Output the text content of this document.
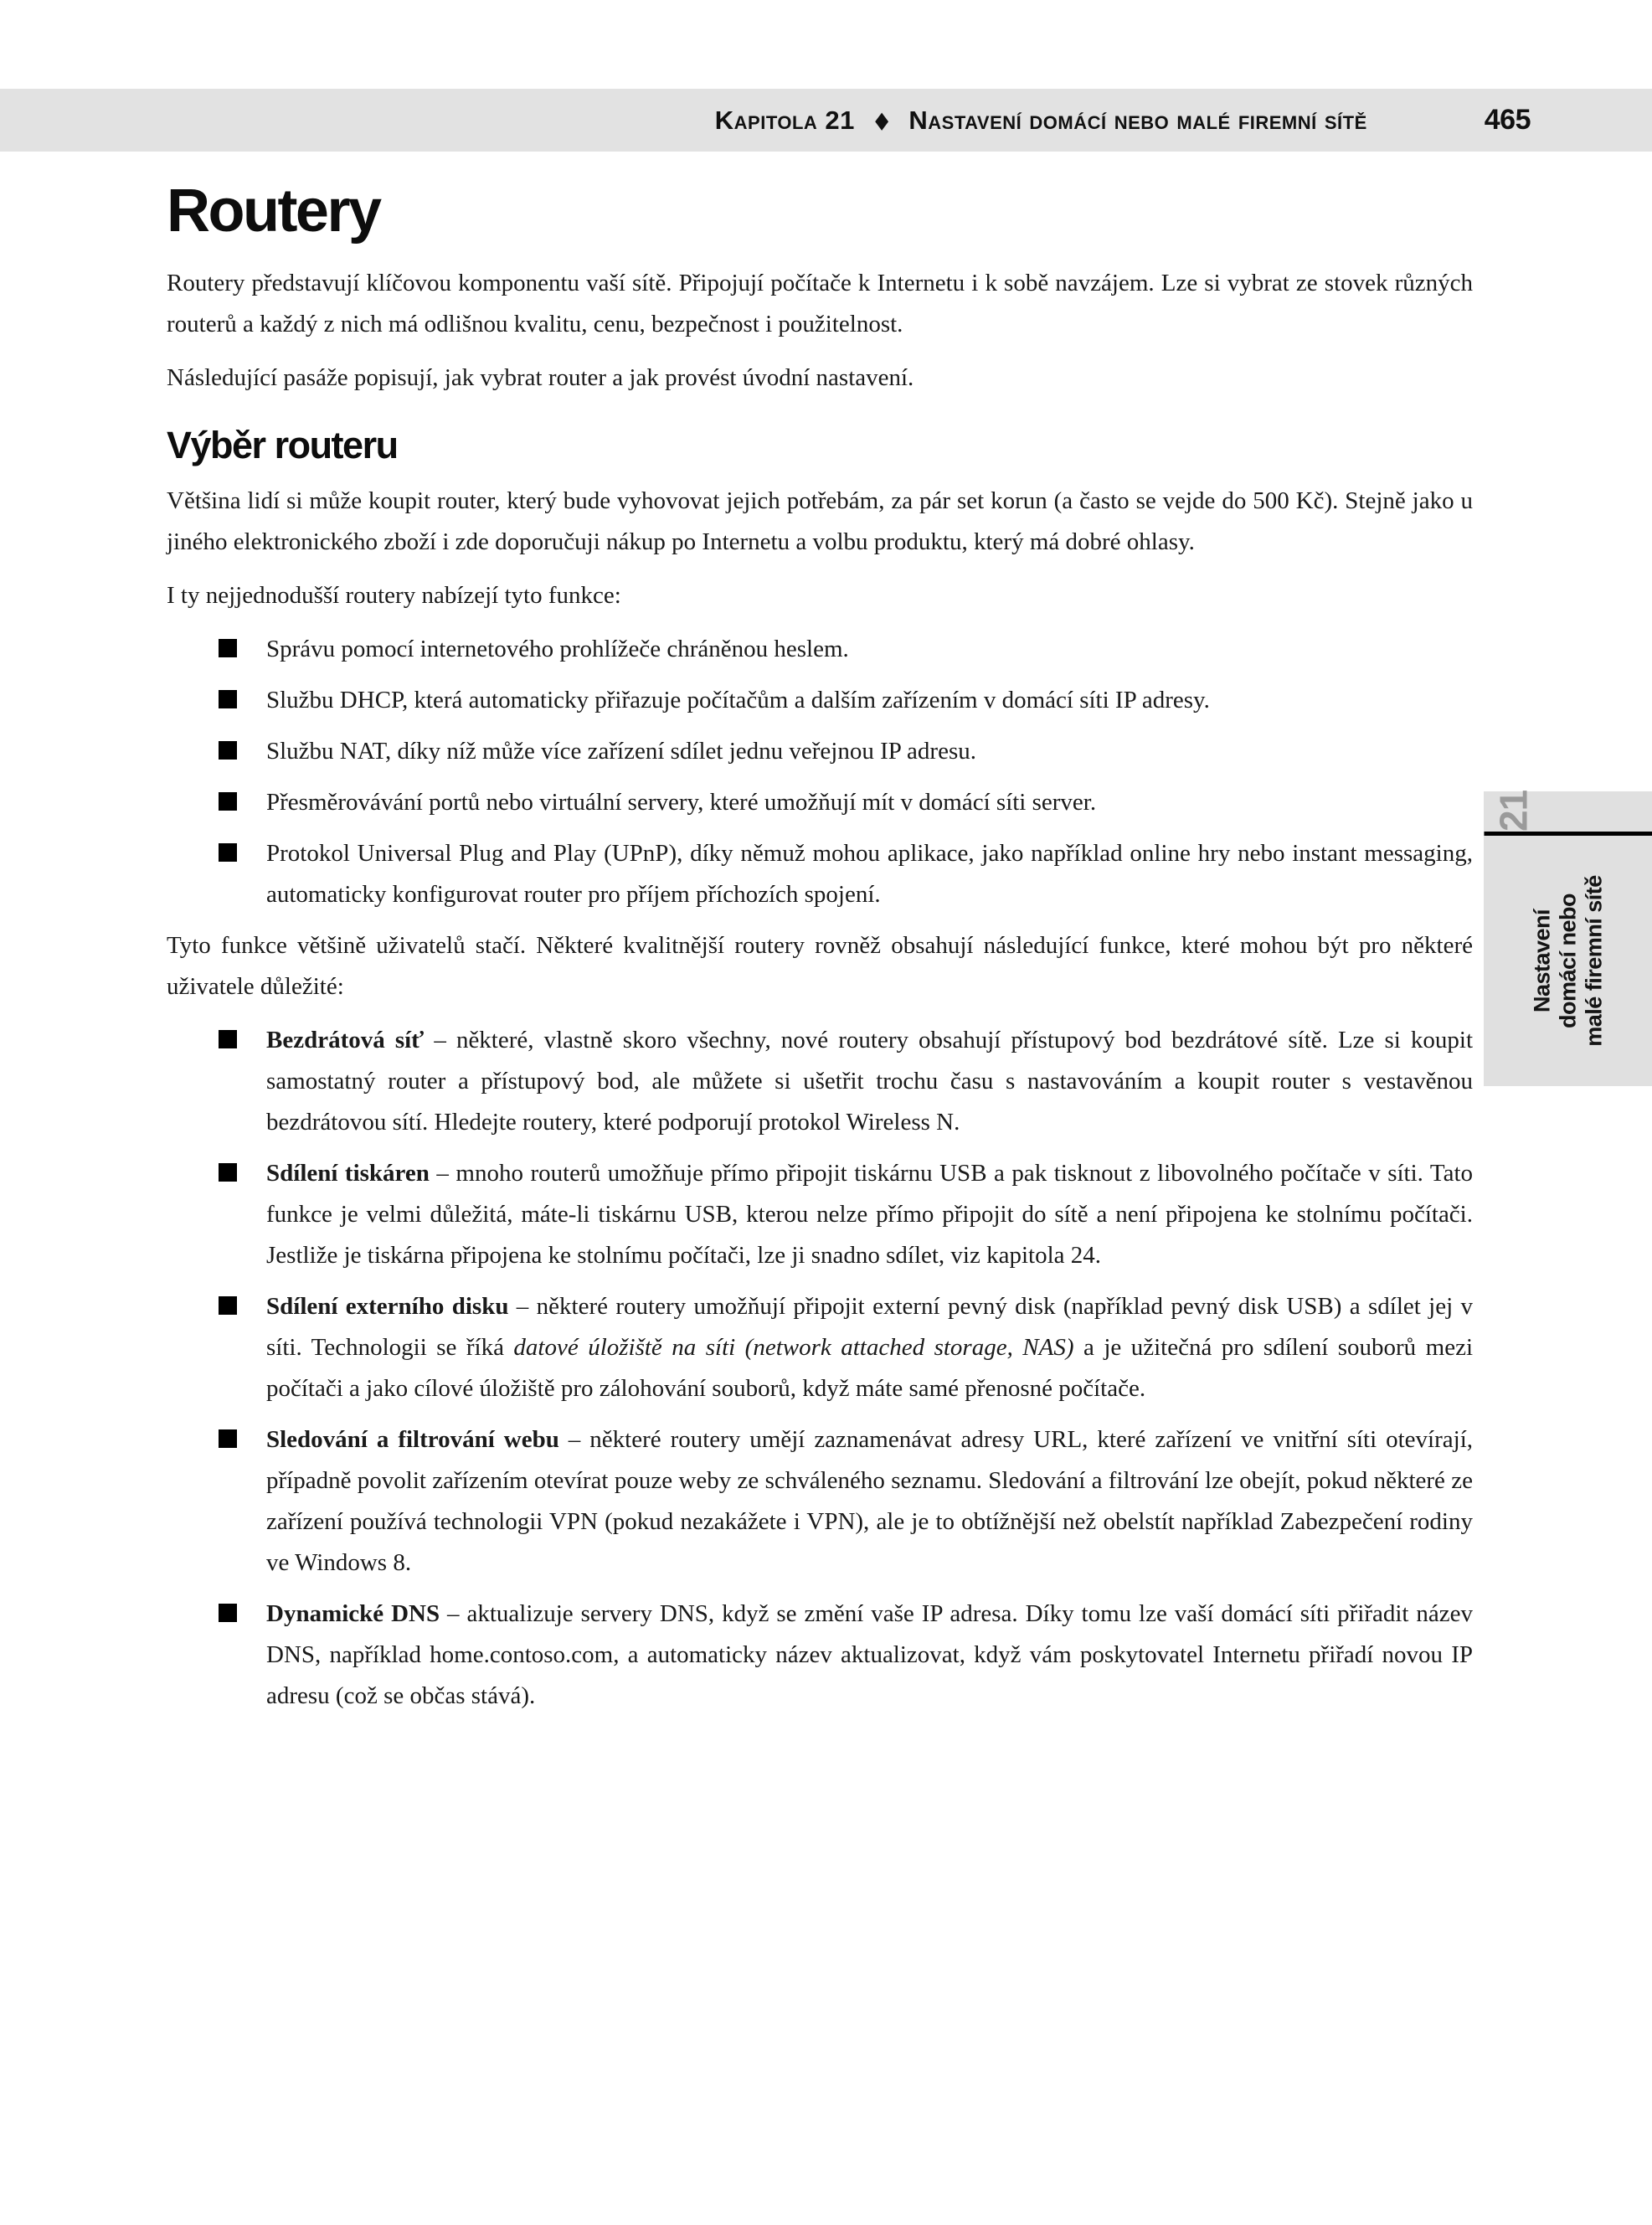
Kapitola 21 ◆ Nastavení domácí nebo malé firemní sítě	465
Routery

Routery představují klíčovou komponentu vaší sítě. Připojují počítače k Internetu i k sobě navzájem. Lze si vybrat ze stovek různých routerů a každý z nich má odlišnou kvalitu, cenu, bezpečnost i použitelnost.

Následující pasáže popisují, jak vybrat router a jak provést úvodní nastavení.

Výběr routeru

Většina lidí si může koupit router, který bude vyhovovat jejich potřebám, za pár set korun (a často se vejde do 500 Kč). Stejně jako u jiného elektronického zboží i zde doporučuji nákup po Internetu a volbu produktu, který má dobré ohlasy.

I ty nejjednodušší routery nabízejí tyto funkce:

Správu pomocí internetového prohlížeče chráněnou heslem.
Službu DHCP, která automaticky přiřazuje počítačům a dalším zařízením v domácí síti IP adresy.
Službu NAT, díky níž může více zařízení sdílet jednu veřejnou IP adresu.
Přesměrovávání portů nebo virtuální servery, které umožňují mít v domácí síti server.
Protokol Universal Plug and Play (UPnP), díky němuž mohou aplikace, jako například online hry nebo instant messaging, automaticky konfigurovat router pro příjem příchozích spojení.

Tyto funkce většině uživatelů stačí. Některé kvalitnější routery rovněž obsahují následující funkce, které mohou být pro některé uživatele důležité:

Bezdrátová síť – některé, vlastně skoro všechny, nové routery obsahují přístupový bod bezdrátové sítě. Lze si koupit samostatný router a přístupový bod, ale můžete si ušetřit trochu času s nastavováním a koupit router s vestavěnou bezdrátovou sítí. Hledejte routery, které podporují protokol Wireless N.
Sdílení tiskáren – mnoho routerů umožňuje přímo připojit tiskárnu USB a pak tisknout z libovolného počítače v síti. Tato funkce je velmi důležitá, máte-li tiskárnu USB, kterou nelze přímo připojit do sítě a není připojena ke stolnímu počítači. Jestliže je tiskárna připojena ke stolnímu počítači, lze ji snadno sdílet, viz kapitola 24.
Sdílení externího disku – některé routery umožňují připojit externí pevný disk (například pevný disk USB) a sdílet jej v síti. Technologii se říká datové úložiště na síti (network attached storage, NAS) a je užitečná pro sdílení souborů mezi počítači a jako cílové úložiště pro zálohování souborů, když máte samé přenosné počítače.
Sledování a filtrování webu – některé routery umějí zaznamenávat adresy URL, které zařízení ve vnitřní síti otevírají, případně povolit zařízením otevírat pouze weby ze schváleného seznamu. Sledování a filtrování lze obejít, pokud některé ze zařízení používá technologii VPN (pokud nezakážete i VPN), ale je to obtížnější než obelstít například Zabezpečení rodiny ve Windows 8.
Dynamické DNS – aktualizuje servery DNS, když se změní vaše IP adresa. Díky tomu lze vaší domácí síti přiřadit název DNS, například home.contoso.com, a automaticky název aktualizovat, když vám poskytovatel Internetu přiřadí novou IP adresu (což se občas stává).
Nastavení domácí nebo malé firemní sítě
21
